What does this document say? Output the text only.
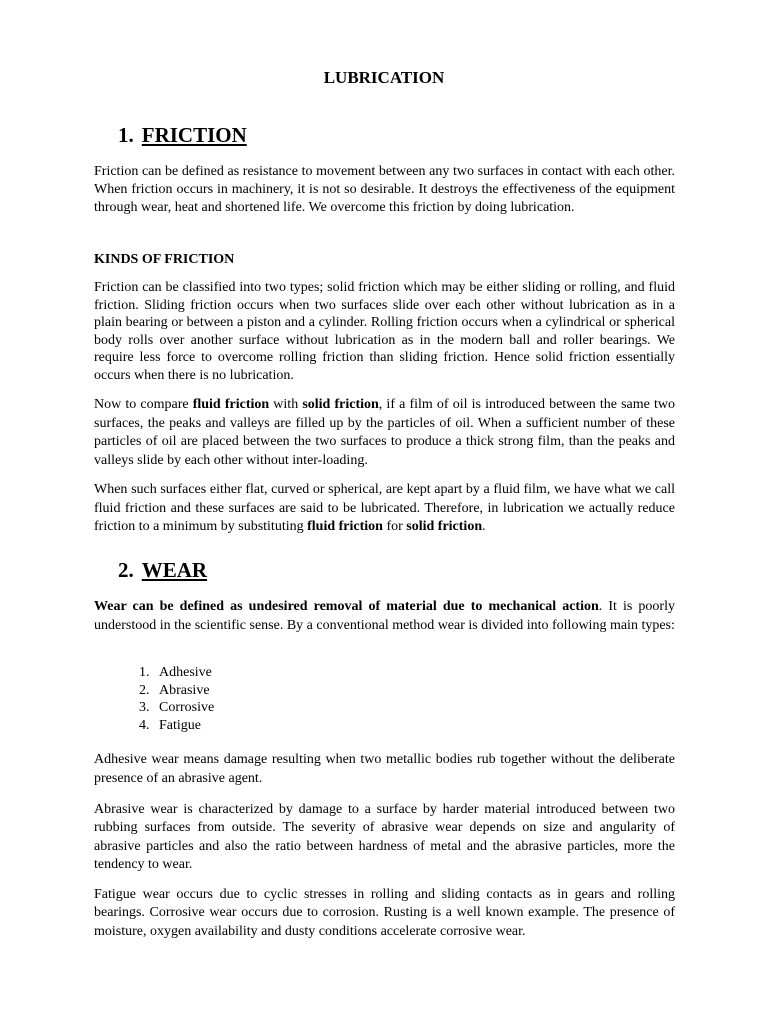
LUBRICATION
1. FRICTION

Friction can be defined as resistance to movement between any two surfaces in contact with each other. When friction occurs in machinery, it is not so desirable. It destroys the effectiveness of the equipment through wear, heat and shortened life. We overcome this friction by doing lubrication.

KINDS OF FRICTION

Friction can be classified into two types; solid friction which may be either sliding or rolling, and fluid friction. Sliding friction occurs when two surfaces slide over each other without lubrication as in a plain bearing or between a piston and a cylinder. Rolling friction occurs when a cylindrical or spherical body rolls over another surface without lubrication as in the modern ball and roller bearings. We require less force to overcome rolling friction than sliding friction. Hence solid friction essentially occurs when there is no lubrication.

Now to compare fluid friction with solid friction, if a film of oil is introduced between the same two surfaces, the peaks and valleys are filled up by the particles of oil. When a sufficient number of these particles of oil are placed between the two surfaces to produce a thick strong film, than the peaks and valleys slide by each other without inter-loading.

When such surfaces either flat, curved or spherical, are kept apart by a fluid film, we have what we call fluid friction and these surfaces are said to be lubricated. Therefore, in lubrication we actually reduce friction to a minimum by substituting fluid friction for solid friction.

2. WEAR

Wear can be defined as undesired removal of material due to mechanical action. It is poorly understood in the scientific sense. By a conventional method wear is divided into following main types:

1. Adhesive
2. Abrasive
3. Corrosive
4. Fatigue

Adhesive wear means damage resulting when two metallic bodies rub together without the deliberate presence of an abrasive agent.

Abrasive wear is characterized by damage to a surface by harder material introduced between two rubbing surfaces from outside. The severity of abrasive wear depends on size and angularity of abrasive particles and also the ratio between hardness of metal and the abrasive particles, more the tendency to wear.

Fatigue wear occurs due to cyclic stresses in rolling and sliding contacts as in gears and rolling bearings. Corrosive wear occurs due to corrosion. Rusting is a well known example. The presence of moisture, oxygen availability and dusty conditions accelerate corrosive wear.
